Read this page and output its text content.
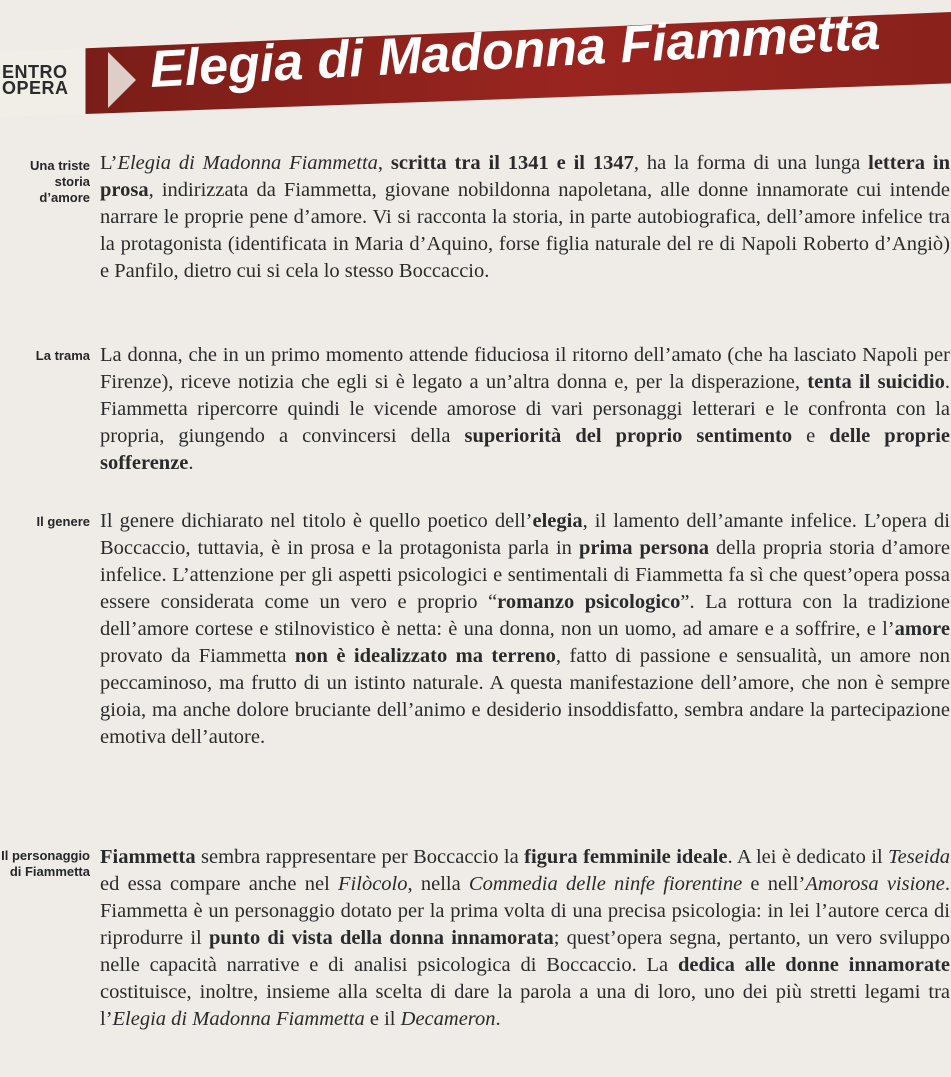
ENTRO
OPERA Elegia di Madonna Fiammetta
Una triste
storia
d’amore
L’Elegia di Madonna Fiammetta, scritta tra il 1341 e il 1347, ha la forma di una lunga lettera in prosa, indirizzata da Fiammetta, giovane nobildonna napoletana, alle donne innamorate cui intende narrare le proprie pene d’amore. Vi si racconta la storia, in parte autobiografica, dell’amore infelice tra la protagonista (identificata in Maria d’Aquino, forse figlia naturale del re di Napoli Roberto d’Angiò) e Panfilo, dietro cui si cela lo stesso Boccaccio.
La trama La donna, che in un primo momento attende fiduciosa il ritorno dell’amato (che ha lasciato Napoli per Firenze), riceve notizia che egli si è legato a un’altra donna e, per la disperazione, tenta il suicidio. Fiammetta ripercorre quindi le vicende amorose di vari personaggi letterari e le confronta con la propria, giungendo a convincersi della superiorità del proprio sentimento e delle proprie sofferenze.
Il genere Il genere dichiarato nel titolo è quello poetico dell’elegia, il lamento dell’amante infelice. L’opera di Boccaccio, tuttavia, è in prosa e la protagonista parla in prima persona della propria storia d’amore infelice. L’attenzione per gli aspetti psicologici e sentimentali di Fiammetta fa sì che quest’opera possa essere considerata come un vero e proprio “romanzo psicologico”. La rottura con la tradizione dell’amore cortese e stilnovistico è netta: è una donna, non un uomo, ad amare e a soffrire, e l’amore provato da Fiammetta non è idealizzato ma terreno, fatto di passione e sensualità, un amore non peccaminoso, ma frutto di un istinto naturale. A questa manifestazione dell’amore, che non è sempre gioia, ma anche dolore bruciante dell’animo e desiderio insoddisfatto, sembra andare la partecipazione emotiva dell’autore.
Il personaggio
di Fiammetta
Fiammetta sembra rappresentare per Boccaccio la figura femminile ideale. A lei è dedicato il Teseida ed essa compare anche nel Filòcolo, nella Commedia delle ninfe fiorentine e nell’Amorosa visione. Fiammetta è un personaggio dotato per la prima volta di una precisa psicologia: in lei l’autore cerca di riprodurre il punto di vista della donna innamorata; quest’opera segna, pertanto, un vero sviluppo nelle capacità narrative e di analisi psicologica di Boccaccio. La dedica alle donne innamorate costituisce, inoltre, insieme alla scelta di dare la parola a una di loro, uno dei più stretti legami tra l’Elegia di Madonna Fiammetta e il Decameron.
